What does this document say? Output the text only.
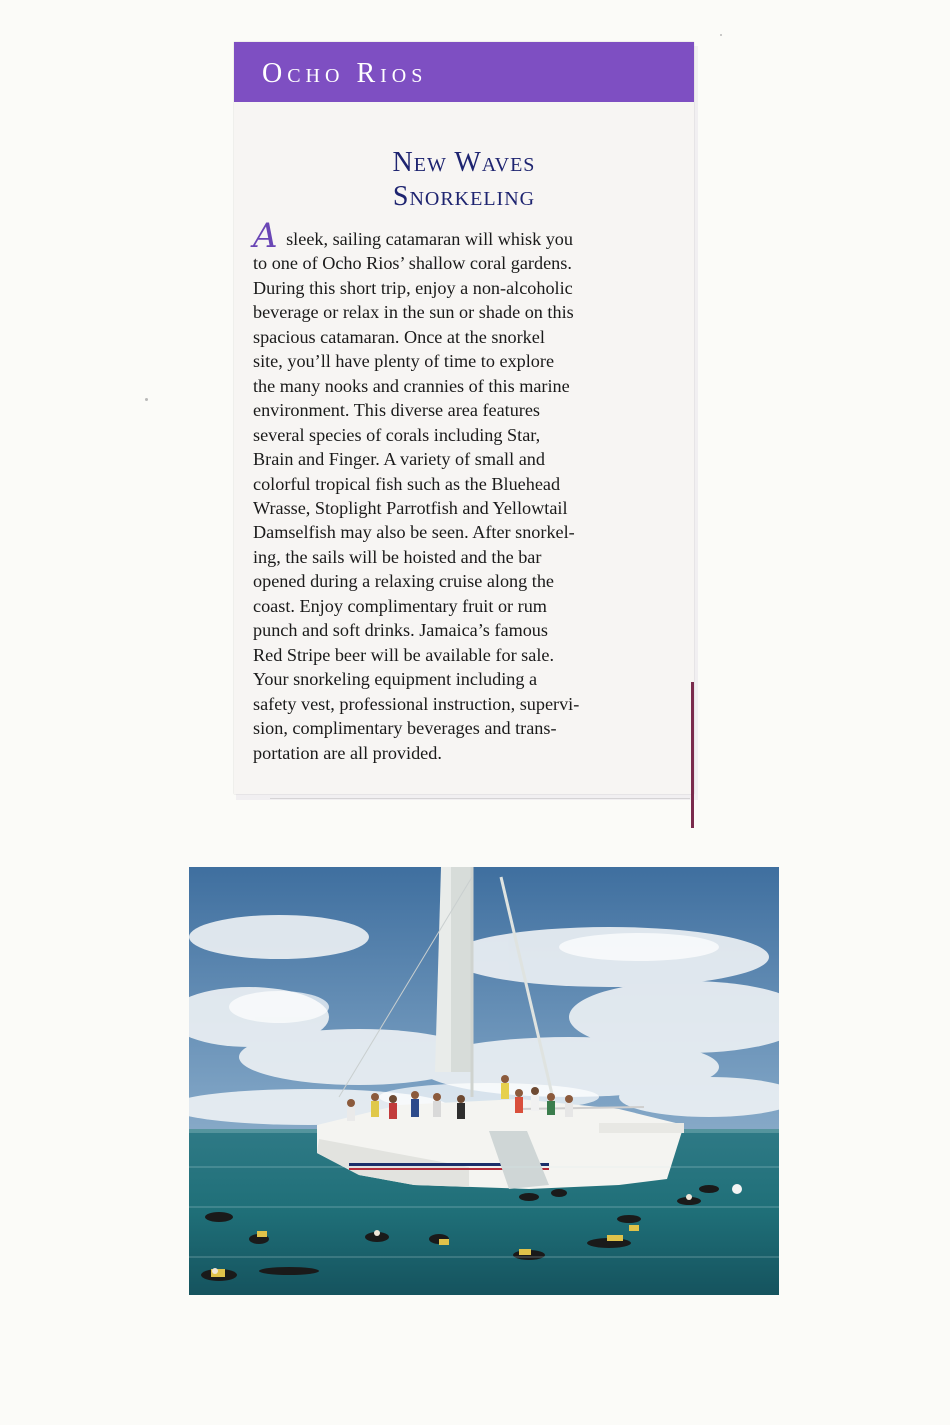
Ocho Rios
New Waves
Snorkeling
A sleek, sailing catamaran will whisk you
to one of Ocho Rios’ shallow coral gardens.
During this short trip, enjoy a non-alcoholic
beverage or relax in the sun or shade on this
spacious catamaran. Once at the snorkel
site, you’ll have plenty of time to explore
the many nooks and crannies of this marine
environment. This diverse area features
several species of corals including Star,
Brain and Finger. A variety of small and
colorful tropical fish such as the Bluehead
Wrasse, Stoplight Parrotfish and Yellowtail
Damselfish may also be seen. After snorkel-
ing, the sails will be hoisted and the bar
opened during a relaxing cruise along the
coast. Enjoy complimentary fruit or rum
punch and soft drinks. Jamaica’s famous
Red Stripe beer will be available for sale.
Your snorkeling equipment including a
safety vest, professional instruction, supervi-
sion, complimentary beverages and trans-
portation are all provided.
